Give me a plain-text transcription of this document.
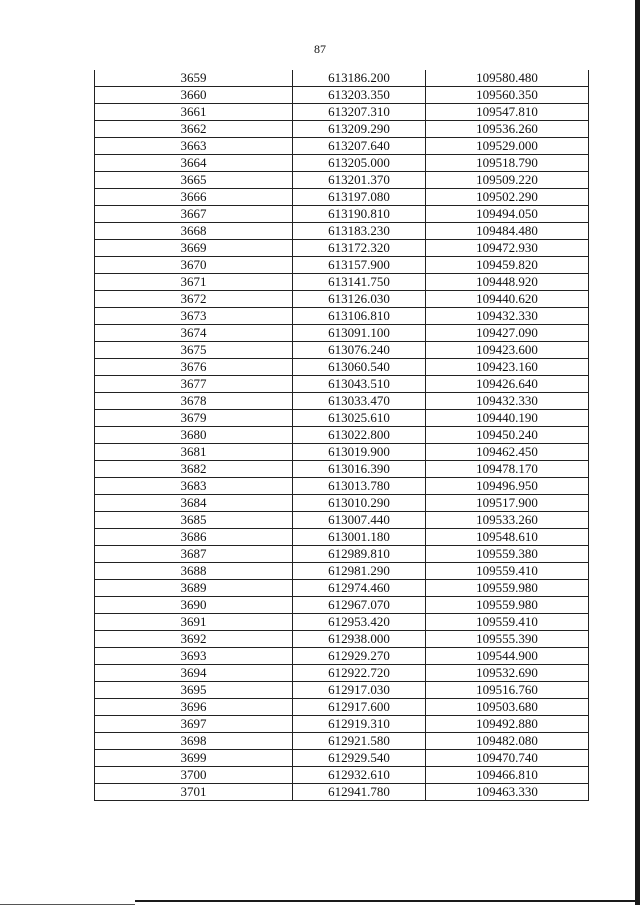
87
3659	613186.200	109580.480
3660	613203.350	109560.350
3661	613207.310	109547.810
3662	613209.290	109536.260
3663	613207.640	109529.000
3664	613205.000	109518.790
3665	613201.370	109509.220
3666	613197.080	109502.290
3667	613190.810	109494.050
3668	613183.230	109484.480
3669	613172.320	109472.930
3670	613157.900	109459.820
3671	613141.750	109448.920
3672	613126.030	109440.620
3673	613106.810	109432.330
3674	613091.100	109427.090
3675	613076.240	109423.600
3676	613060.540	109423.160
3677	613043.510	109426.640
3678	613033.470	109432.330
3679	613025.610	109440.190
3680	613022.800	109450.240
3681	613019.900	109462.450
3682	613016.390	109478.170
3683	613013.780	109496.950
3684	613010.290	109517.900
3685	613007.440	109533.260
3686	613001.180	109548.610
3687	612989.810	109559.380
3688	612981.290	109559.410
3689	612974.460	109559.980
3690	612967.070	109559.980
3691	612953.420	109559.410
3692	612938.000	109555.390
3693	612929.270	109544.900
3694	612922.720	109532.690
3695	612917.030	109516.760
3696	612917.600	109503.680
3697	612919.310	109492.880
3698	612921.580	109482.080
3699	612929.540	109470.740
3700	612932.610	109466.810
3701	612941.780	109463.330
